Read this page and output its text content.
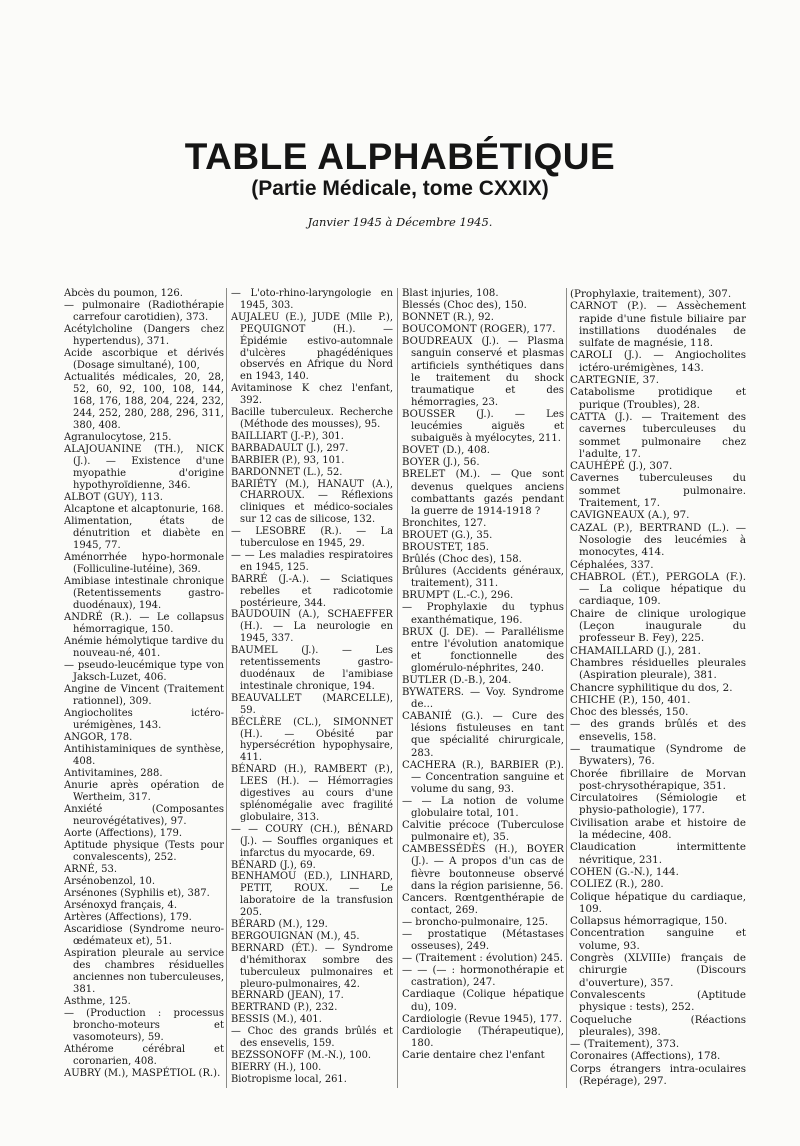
TABLE ALPHABÉTIQUE
(Partie Médicale, tome CXXIX)
Janvier 1945 à Décembre 1945.

Abcès du poumon, 126.

— pulmonaire (Radiothérapie carrefour carotidien), 373.

Acétylcholine (Dangers chez hypertendus), 371.

Acide ascorbique et dérivés (Dosage simultané), 100,

Actualités médicales, 20, 28, 52, 60, 92, 100, 108, 144, 168, 176, 188, 204, 224, 232, 244, 252, 280, 288, 296, 311, 380, 408.

Agranulocytose, 215.

ALAJOUANINE (TH.), NICK (J.). — Existence d'une myopathie d'origine hypothyroïdienne, 346.

ALBOT (GUY), 113.

Alcaptone et alcaptonurie, 168.

Alimentation, états de dénutrition et diabète en 1945, 77.

Aménorrhée hypo-hormonale (Folliculine-lutéine), 369.

Amibiase intestinale chronique (Retentissements gastro-duodénaux), 194.

ANDRÉ (R.). — Le collapsus hémorragique, 150.

Anémie hémolytique tardive du nouveau-né, 401.

— pseudo-leucémique type von Jaksch-Luzet, 406.

Angine de Vincent (Traitement rationnel), 309.

Angiocholites ictéro-urémigènes, 143.

ANGOR, 178.

Antihistaminiques de synthèse, 408.

Antivitamines, 288.

Anurie après opération de Wertheim, 317.

Anxiété (Composantes neurovégétatives), 97.

Aorte (Affections), 179.

Aptitude physique (Tests pour convalescents), 252.

ARNÉ, 53.

Arsénobenzol, 10.

Arsénones (Syphilis et), 387.

Arsénoxyd français, 4.

Artères (Affections), 179.

Ascaridiose (Syndrome neuro-œdémateux et), 51.

Aspiration pleurale au service des chambres résiduelles anciennes non tuberculeuses, 381.

Asthme, 125.

— (Production : processus broncho-moteurs et vasomoteurs), 59.

Athérome cérébral et coronarien, 408.

AUBRY (M.), MASPÉTIOL (R.).

— L'oto-rhino-laryngologie en 1945, 303.

AUJALEU (E.), JUDE (Mlle P.), PEQUIGNOT (H.). — Épidémie estivo-automnale d'ulcères phagédéniques observés en Afrique du Nord en 1943, 140.

Avitaminose K chez l'enfant, 392.

Bacille tuberculeux. Recherche (Méthode des mousses), 95.

BAILLIART (J.-P.), 301.

BARBADAULT (J.), 297.

BARBIER (P.), 93, 101.

BARDONNET (L.), 52.

BARIÉTY (M.), HANAUT (A.), CHARROUX. — Réflexions cliniques et médico-sociales sur 12 cas de silicose, 132.

— LESOBRE (R.). — La tuberculose en 1945, 29.

— — Les maladies respiratoires en 1945, 125.

BARRÉ (J.-A.). — Sciatiques rebelles et radicotomie postérieure, 344.

BAUDOUIN (A.), SCHAEFFER (H.). — La neurologie en 1945, 337.

BAUMEL (J.). — Les retentissements gastro-duodénaux de l'amibiase intestinale chronique, 194.

BEAUVALLET (MARCELLE), 59.

BÉCLÈRE (CL.), SIMONNET (H.). — Obésité par hypersécrétion hypophysaire, 411.

BÉNARD (H.), RAMBERT (P.), LEES (H.). — Hémorragies digestives au cours d'une splénomégalie avec fragilité globulaire, 313.

— — COURY (CH.), BÉNARD (J.). — Souffles organiques et infarctus du myocarde, 69.

BÉNARD (J.), 69.

BENHAMOU (ED.), LINHARD, PETIT, ROUX. — Le laboratoire de la transfusion 205.

BÉRARD (M.), 129.

BERGOUIGNAN (M.), 45.

BERNARD (ÉT.). — Syndrome d'hémithorax sombre des tuberculeux pulmonaires et pleuro-pulmonaires, 42.

BERNARD (JEAN), 17.

BERTRAND (P.), 232.

BESSIS (M.), 401.

— Choc des grands brûlés et des ensevelis, 159.

BEZSSONOFF (M.-N.), 100.

BIERRY (H.), 100.

Biotropisme local, 261.

Blast injuries, 108.

Blessés (Choc des), 150.

BONNET (R.), 92.

BOUCOMONT (ROGER), 177.

BOUDREAUX (J.). — Plasma sanguin conservé et plasmas artificiels synthétiques dans le traitement du shock traumatique et des hémorragies, 23.

BOUSSER (J.). — Les leucémies aiguës et subaiguës à myélocytes, 211.

BOVET (D.), 408.

BOYER (J.), 56.

BRELET (M.). — Que sont devenus quelques anciens combattants gazés pendant la guerre de 1914-1918 ?

Bronchites, 127.

BROUET (G.), 35.

BROUSTET, 185.

Brûlés (Choc des), 158.

Brûlures (Accidents généraux, traitement), 311.

BRUMPT (L.-C.), 296.

— Prophylaxie du typhus exanthématique, 196.

BRUX (J. DE). — Parallélisme entre l'évolution anatomique et fonctionnelle des glomérulo-néphrites, 240.

BUTLER (D.-B.), 204.

BYWATERS. — Voy. Syndrome de...

CABANIÉ (G.). — Cure des lésions fistuleuses en tant que spécialité chirurgicale, 283.

CACHERA (R.), BARBIER (P.). — Concentration sanguine et volume du sang, 93.

— — La notion de volume globulaire total, 101.

Calvitie précoce (Tuberculose pulmonaire et), 35.

CAMBESSÉDÈS (H.), BOYER (J.). — A propos d'un cas de fièvre boutonneuse observé dans la région parisienne, 56.

Cancers. Rœntgenthérapie de contact, 269.

— broncho-pulmonaire, 125.

— prostatique (Métastases osseuses), 249.

— (Traitement : évolution) 245.

— — (— : hormonothérapie et castration), 247.

Cardiaque (Colique hépatique du), 109.

Cardiologie (Revue 1945), 177.

Cardiologie (Thérapeutique), 180.

Carie dentaire chez l'enfant

(Prophylaxie, traitement), 307.

CARNOT (P.). — Assèchement rapide d'une fistule biliaire par instillations duodénales de sulfate de magnésie, 118.

CAROLI (J.). — Angiocholites ictéro-urémigènes, 143.

CARTEGNIE, 37.

Catabolisme protidique et purique (Troubles), 28.

CATTA (J.). — Traitement des cavernes tuberculeuses du sommet pulmonaire chez l'adulte, 17.

CAUHÉPÉ (J.), 307.

Cavernes tuberculeuses du sommet pulmonaire. Traitement, 17.

CAVIGNEAUX (A.), 97.

CAZAL (P.), BERTRAND (L.). — Nosologie des leucémies à monocytes, 414.

Céphalées, 337.

CHABROL (ÉT.), PERGOLA (F.). — La colique hépatique du cardiaque, 109.

Chaire de clinique urologique (Leçon inaugurale du professeur B. Fey), 225.

CHAMAILLARD (J.), 281.

Chambres résiduelles pleurales (Aspiration pleurale), 381.

Chancre syphilitique du dos, 2.

CHICHE (P.), 150, 401.

Choc des blessés, 150.

— des grands brûlés et des ensevelis, 158.

— traumatique (Syndrome de Bywaters), 76.

Chorée fibrillaire de Morvan post-chrysothérapique, 351.

Circulatoires (Sémiologie et physio-pathologie), 177.

Civilisation arabe et histoire de la médecine, 408.

Claudication intermittente névritique, 231.

COHEN (G.-N.), 144.

COLIEZ (R.), 280.

Colique hépatique du cardiaque, 109.

Collapsus hémorragique, 150.

Concentration sanguine et volume, 93.

Congrès (XLVIIIe) français de chirurgie (Discours d'ouverture), 357.

Convalescents (Aptitude physique : tests), 252.

Coqueluche (Réactions pleurales), 398.

— (Traitement), 373.

Coronaires (Affections), 178.

Corps étrangers intra-oculaires (Repérage), 297.
